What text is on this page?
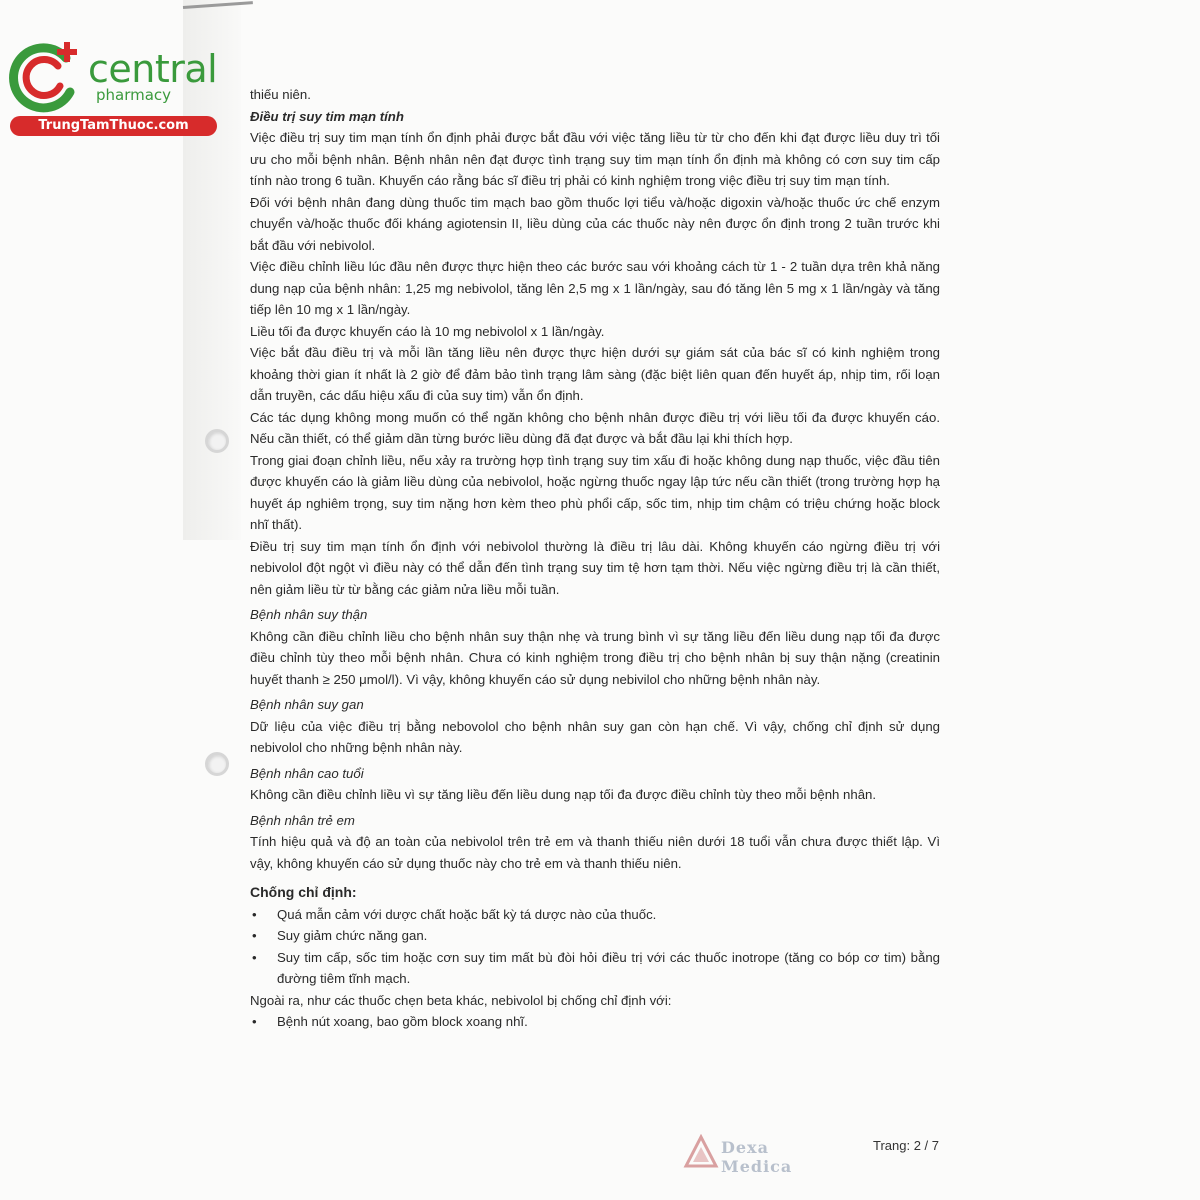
central
pharmacy
TrungTamThuoc.com

thiếu niên.

Điều trị suy tim mạn tính

Việc điều trị suy tim mạn tính ổn định phải được bắt đầu với việc tăng liều từ từ cho đến khi đạt được liều duy trì tối ưu cho mỗi bệnh nhân. Bệnh nhân nên đạt được tình trạng suy tim mạn tính ổn định mà không có cơn suy tim cấp tính nào trong 6 tuần. Khuyến cáo rằng bác sĩ điều trị phải có kinh nghiệm trong việc điều trị suy tim mạn tính.

Đối với bệnh nhân đang dùng thuốc tim mạch bao gồm thuốc lợi tiểu và/hoặc digoxin và/hoặc thuốc ức chế enzym chuyển và/hoặc thuốc đối kháng agiotensin II, liều dùng của các thuốc này nên được ổn định trong 2 tuần trước khi bắt đầu với nebivolol.

Việc điều chỉnh liều lúc đầu nên được thực hiện theo các bước sau với khoảng cách từ 1 - 2 tuần dựa trên khả năng dung nạp của bệnh nhân: 1,25 mg nebivolol, tăng lên 2,5 mg x 1 lần/ngày, sau đó tăng lên 5 mg x 1 lần/ngày và tăng tiếp lên 10 mg x 1 lần/ngày.

Liều tối đa được khuyến cáo là 10 mg nebivolol x 1 lần/ngày.

Việc bắt đầu điều trị và mỗi lần tăng liều nên được thực hiện dưới sự giám sát của bác sĩ có kinh nghiệm trong khoảng thời gian ít nhất là 2 giờ để đảm bảo tình trạng lâm sàng (đặc biệt liên quan đến huyết áp, nhịp tim, rối loạn dẫn truyền, các dấu hiệu xấu đi của suy tim) vẫn ổn định.

Các tác dụng không mong muốn có thể ngăn không cho bệnh nhân được điều trị với liều tối đa được khuyến cáo. Nếu cần thiết, có thể giảm dần từng bước liều dùng đã đạt được và bắt đầu lại khi thích hợp.

Trong giai đoạn chỉnh liều, nếu xảy ra trường hợp tình trạng suy tim xấu đi hoặc không dung nạp thuốc, việc đầu tiên được khuyến cáo là giảm liều dùng của nebivolol, hoặc ngừng thuốc ngay lập tức nếu cần thiết (trong trường hợp hạ huyết áp nghiêm trọng, suy tim nặng hơn kèm theo phù phổi cấp, sốc tim, nhịp tim chậm có triệu chứng hoặc block nhĩ thất).

Điều trị suy tim mạn tính ổn định với nebivolol thường là điều trị lâu dài. Không khuyến cáo ngừng điều trị với nebivolol đột ngột vì điều này có thể dẫn đến tình trạng suy tim tệ hơn tạm thời. Nếu việc ngừng điều trị là cần thiết, nên giảm liều từ từ bằng các giảm nửa liều mỗi tuần.

Bệnh nhân suy thận

Không cần điều chỉnh liều cho bệnh nhân suy thận nhẹ và trung bình vì sự tăng liều đến liều dung nạp tối đa được điều chỉnh tùy theo mỗi bệnh nhân. Chưa có kinh nghiệm trong điều trị cho bệnh nhân bị suy thận nặng (creatinin huyết thanh ≥ 250 μmol/l). Vì vậy, không khuyến cáo sử dụng nebivilol cho những bệnh nhân này.

Bệnh nhân suy gan

Dữ liệu của việc điều trị bằng nebovolol cho bệnh nhân suy gan còn hạn chế. Vì vậy, chống chỉ định sử dụng nebivolol cho những bệnh nhân này.

Bệnh nhân cao tuổi

Không cần điều chỉnh liều vì sự tăng liều đến liều dung nạp tối đa được điều chỉnh tùy theo mỗi bệnh nhân.

Bệnh nhân trẻ em

Tính hiệu quả và độ an toàn của nebivolol trên trẻ em và thanh thiếu niên dưới 18 tuổi vẫn chưa được thiết lập. Vì vậy, không khuyến cáo sử dụng thuốc này cho trẻ em và thanh thiếu niên.

Chống chỉ định:

• Quá mẫn cảm với dược chất hoặc bất kỳ tá dược nào của thuốc.
• Suy giảm chức năng gan.
• Suy tim cấp, sốc tim hoặc cơn suy tim mất bù đòi hỏi điều trị với các thuốc inotrope (tăng co bóp cơ tim) bằng đường tiêm tĩnh mạch.

Ngoài ra, như các thuốc chẹn beta khác, nebivolol bị chống chỉ định với:

• Bệnh nút xoang, bao gồm block xoang nhĩ.
Dexa Medica
Trang: 2 / 7
